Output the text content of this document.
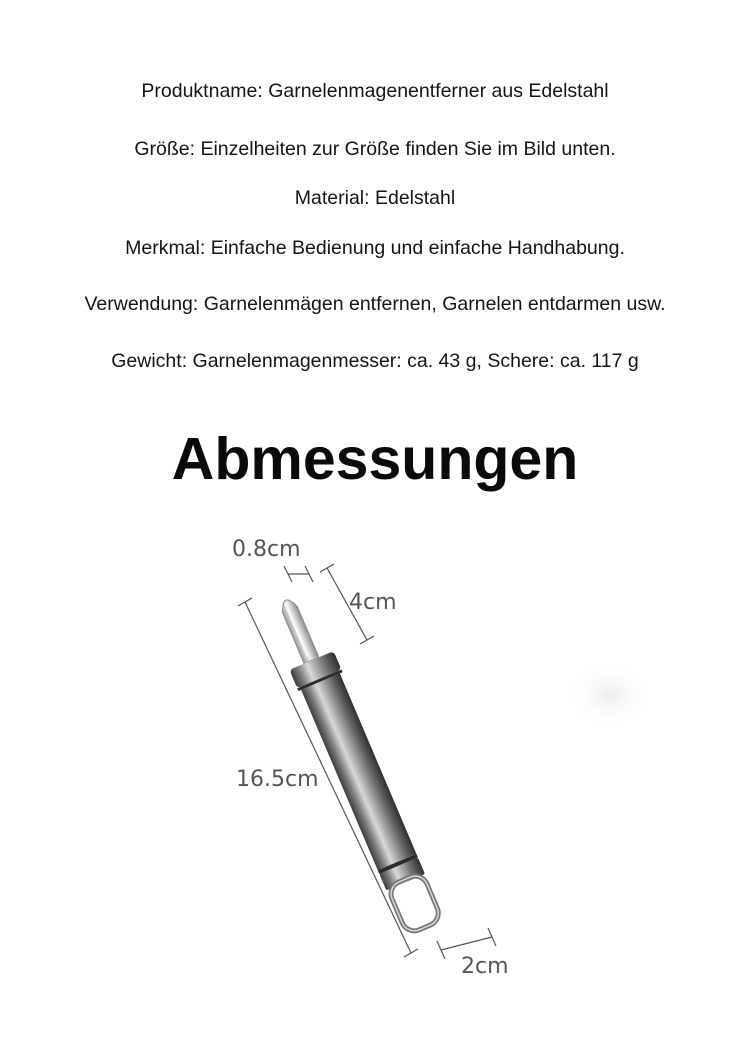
Produktname: Garnelenmagenentferner aus Edelstahl
Größe: Einzelheiten zur Größe finden Sie im Bild unten.
Material: Edelstahl
Merkmal: Einfache Bedienung und einfache Handhabung.
Verwendung: Garnelenmägen entfernen, Garnelen entdarmen usw.
Gewicht: Garnelenmagenmesser: ca. 43 g, Schere: ca. 117 g
Abmessungen
0.8cm
4cm
16.5cm
2cm
